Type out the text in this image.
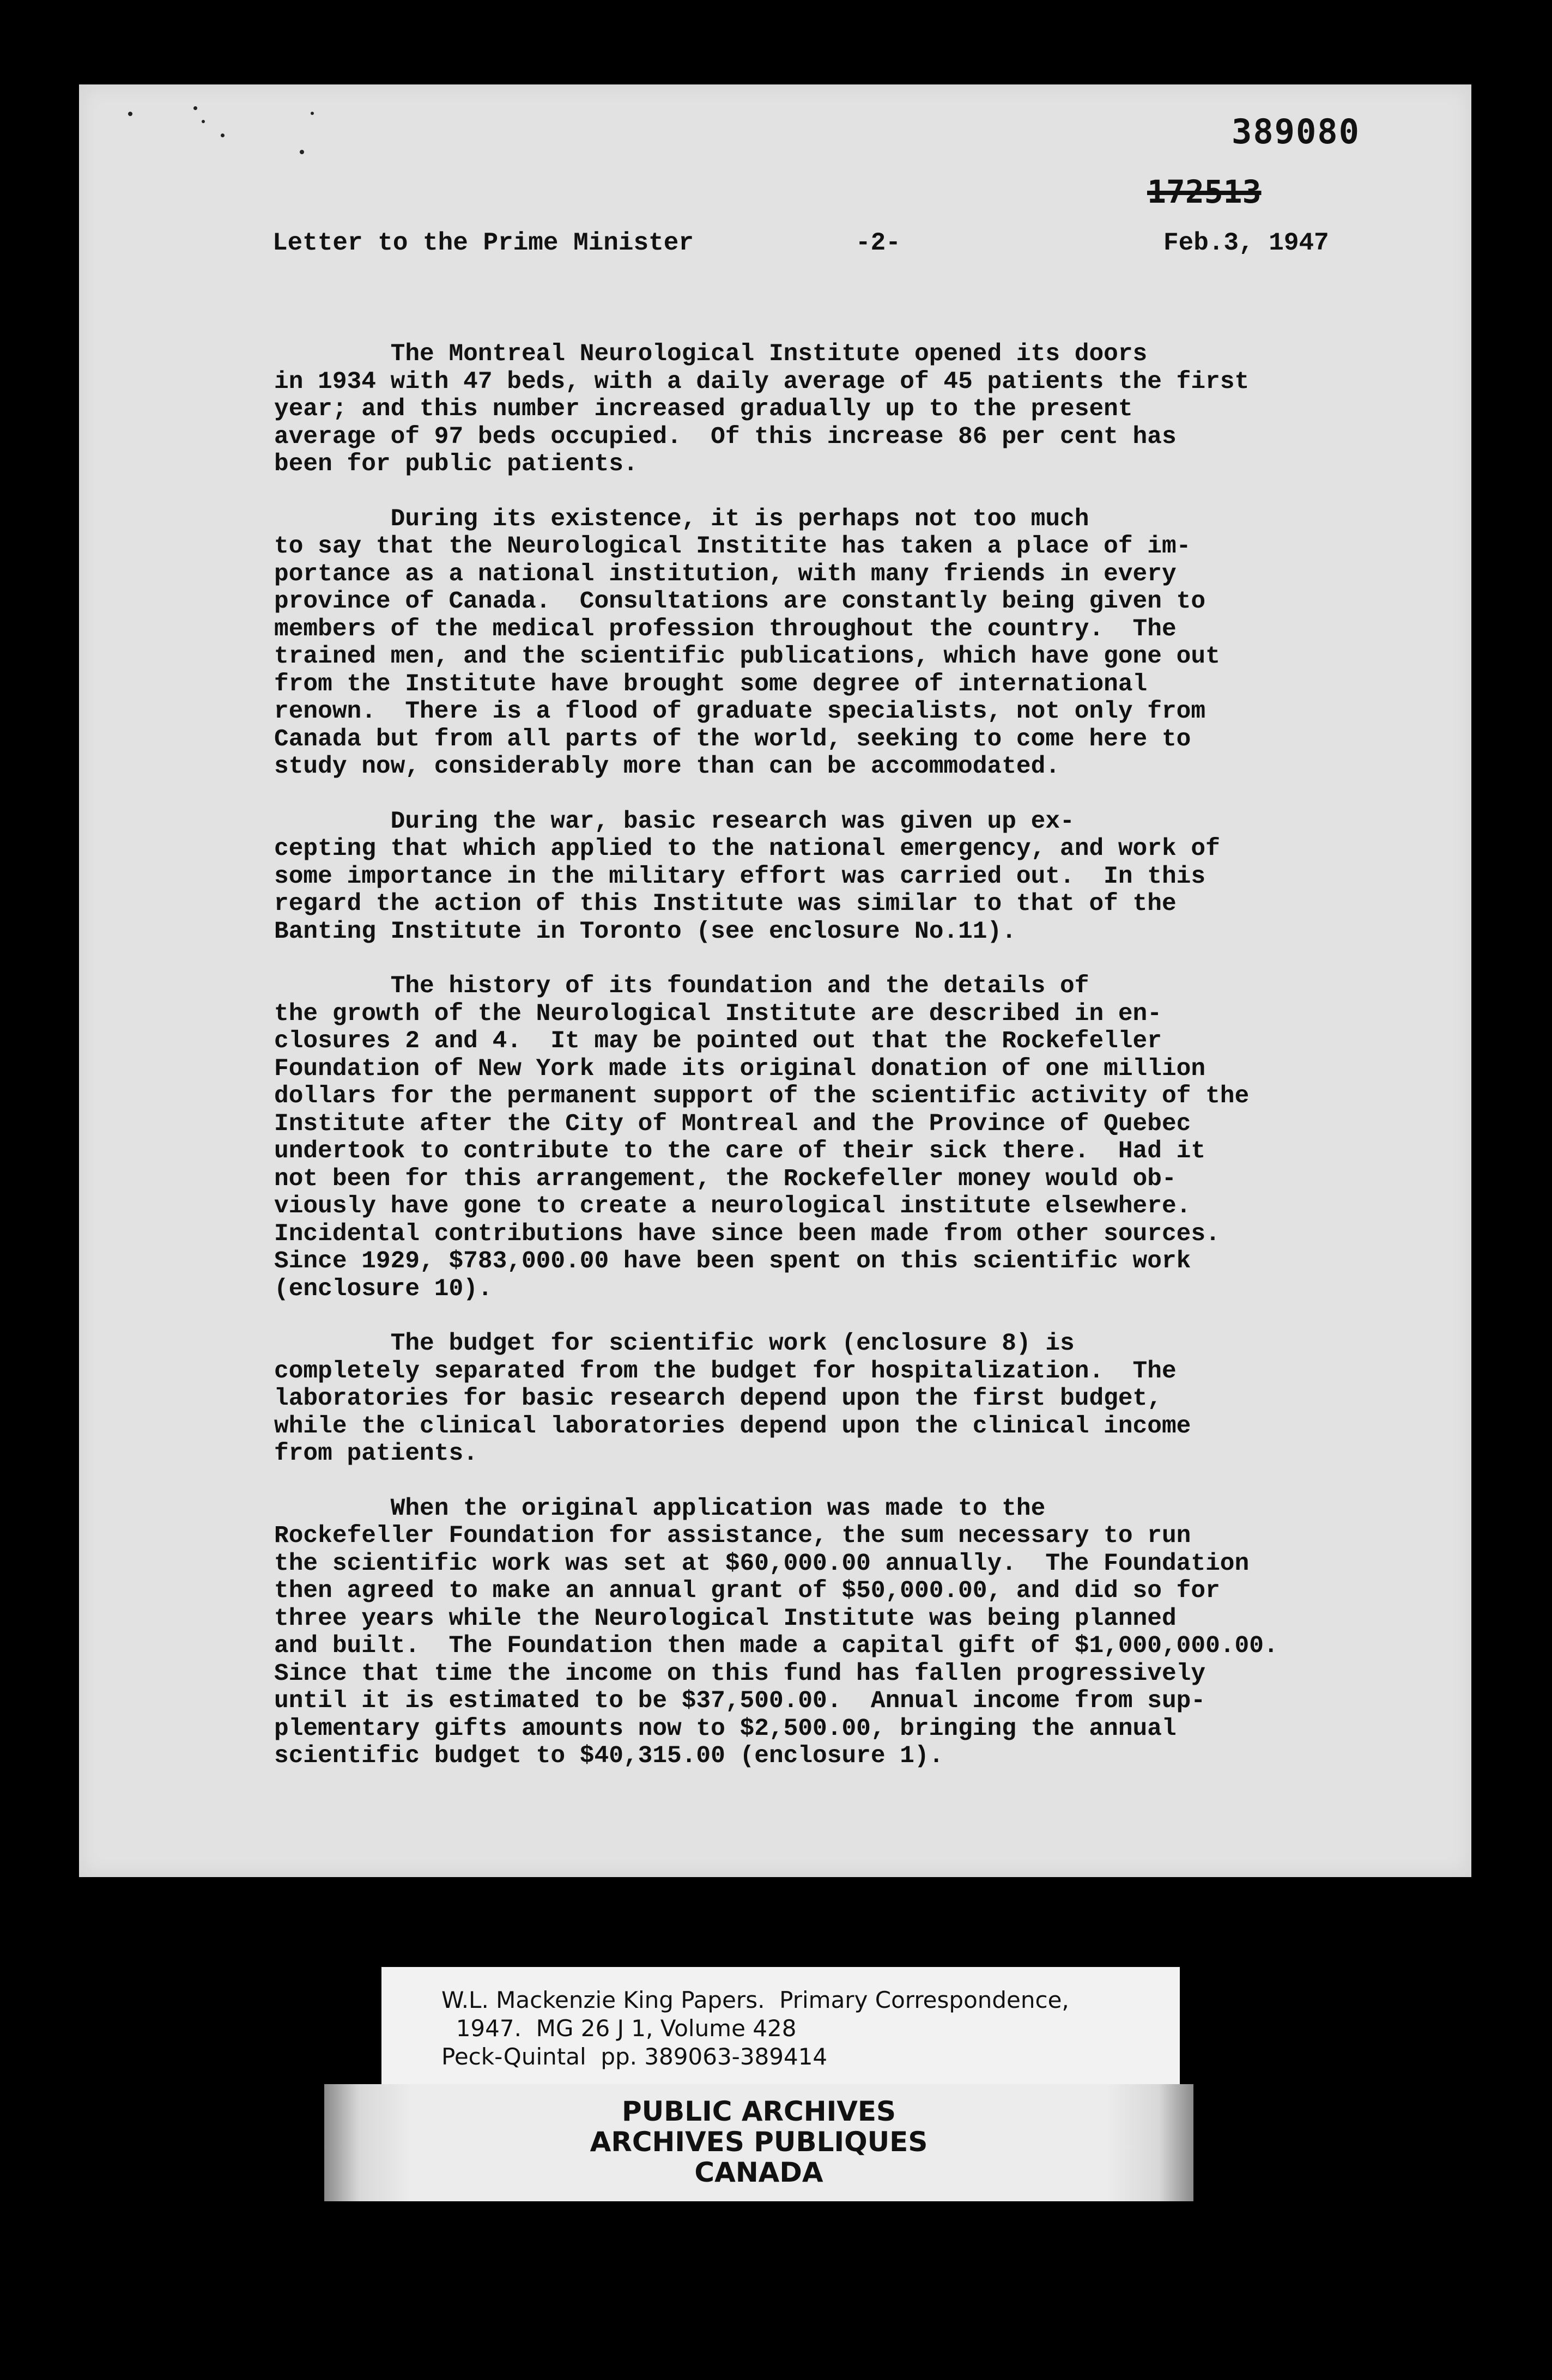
389080
172513
Letter to the Prime Minister	-2-	Feb.3, 1947
The Montreal Neurological Institute opened its doors
in 1934 with 47 beds, with a daily average of 45 patients the first
year; and this number increased gradually up to the present
average of 97 beds occupied.  Of this increase 86 per cent has
been for public patients.
During its existence, it is perhaps not too much
to say that the Neurological Institite has taken a place of im-
portance as a national institution, with many friends in every
province of Canada.  Consultations are constantly being given to
members of the medical profession throughout the country.  The
trained men, and the scientific publications, which have gone out
from the Institute have brought some degree of international
renown.  There is a flood of graduate specialists, not only from
Canada but from all parts of the world, seeking to come here to
study now, considerably more than can be accommodated.
During the war, basic research was given up ex-
cepting that which applied to the national emergency, and work of
some importance in the military effort was carried out.  In this
regard the action of this Institute was similar to that of the
Banting Institute in Toronto (see enclosure No.11).
The history of its foundation and the details of
the growth of the Neurological Institute are described in en-
closures 2 and 4.  It may be pointed out that the Rockefeller
Foundation of New York made its original donation of one million
dollars for the permanent support of the scientific activity of the
Institute after the City of Montreal and the Province of Quebec
undertook to contribute to the care of their sick there.  Had it
not been for this arrangement, the Rockefeller money would ob-
viously have gone to create a neurological institute elsewhere.
Incidental contributions have since been made from other sources.
Since 1929, $783,000.00 have been spent on this scientific work
(enclosure 10).
The budget for scientific work (enclosure 8) is
completely separated from the budget for hospitalization.  The
laboratories for basic research depend upon the first budget,
while the clinical laboratories depend upon the clinical income
from patients.
When the original application was made to the
Rockefeller Foundation for assistance, the sum necessary to run
the scientific work was set at $60,000.00 annually.  The Foundation
then agreed to make an annual grant of $50,000.00, and did so for
three years while the Neurological Institute was being planned
and built.  The Foundation then made a capital gift of $1,000,000.00.
Since that time the income on this fund has fallen progressively
until it is estimated to be $37,500.00.  Annual income from sup-
plementary gifts amounts now to $2,500.00, bringing the annual
scientific budget to $40,315.00 (enclosure 1).
W.L. Mackenzie King Papers.  Primary Correspondence,
1947.  MG 26 J 1, Volume 428
Peck-Quintal  pp. 389063-389414
PUBLIC ARCHIVES
ARCHIVES PUBLIQUES
CANADA
